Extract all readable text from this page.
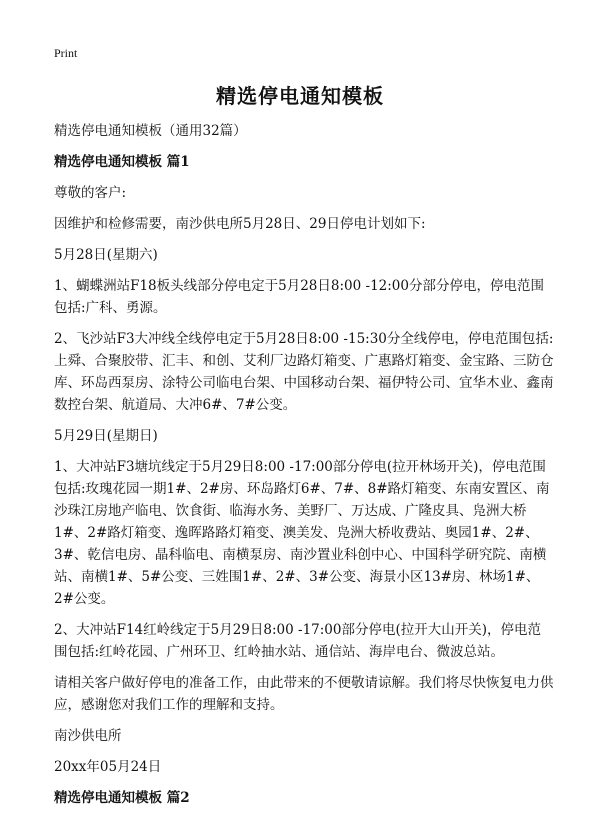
Print
精选停电通知模板

精选停电通知模板（通用32篇）

精选停电通知模板 篇1

尊敬的客户:

因维护和检修需要，南沙供电所5月28日、29日停电计划如下:

5月28日(星期六)

1、蝴蝶洲站F18板头线部分停电定于5月28日8:00 -12:00分部分停电，停电范围包括:广科、勇源。

2、飞沙站F3大冲线全线停电定于5月28日8:00 -15:30分全线停电，停电范围包括:上舜、合聚胶带、汇丰、和创、艾利厂边路灯箱变、广惠路灯箱变、金宝路、三防仓库、环岛西泵房、涂特公司临电台架、中国移动台架、福伊特公司、宜华木业、鑫南数控台架、航道局、大冲6#、7#公变。

5月29日(星期日)

1、大冲站F3塘坑线定于5月29日8:00 -17:00部分停电(拉开林场开关)，停电范围包括:玫瑰花园一期1#、2#房、环岛路灯6#、7#、8#路灯箱变、东南安置区、南沙珠江房地产临电、饮食街、临海水务、美野厂、万达成、广隆皮具、凫洲大桥1#、2#路灯箱变、逸晖路路灯箱变、澳美发、凫洲大桥收费站、奥园1#、2#、3#、乾信电房、晶科临电、南横泵房、南沙置业科创中心、中国科学研究院、南横站、南横1#、5#公变、三姓围1#、2#、3#公变、海景小区13#房、林场1#、2#公变。

2、大冲站F14红岭线定于5月29日8:00 -17:00部分停电(拉开大山开关)，停电范围包括:红岭花园、广州环卫、红岭抽水站、通信站、海岸电台、微波总站。

请相关客户做好停电的准备工作，由此带来的不便敬请谅解。我们将尽快恢复电力供应，感谢您对我们工作的理解和支持。

南沙供电所

20xx年05月24日

精选停电通知模板 篇2
